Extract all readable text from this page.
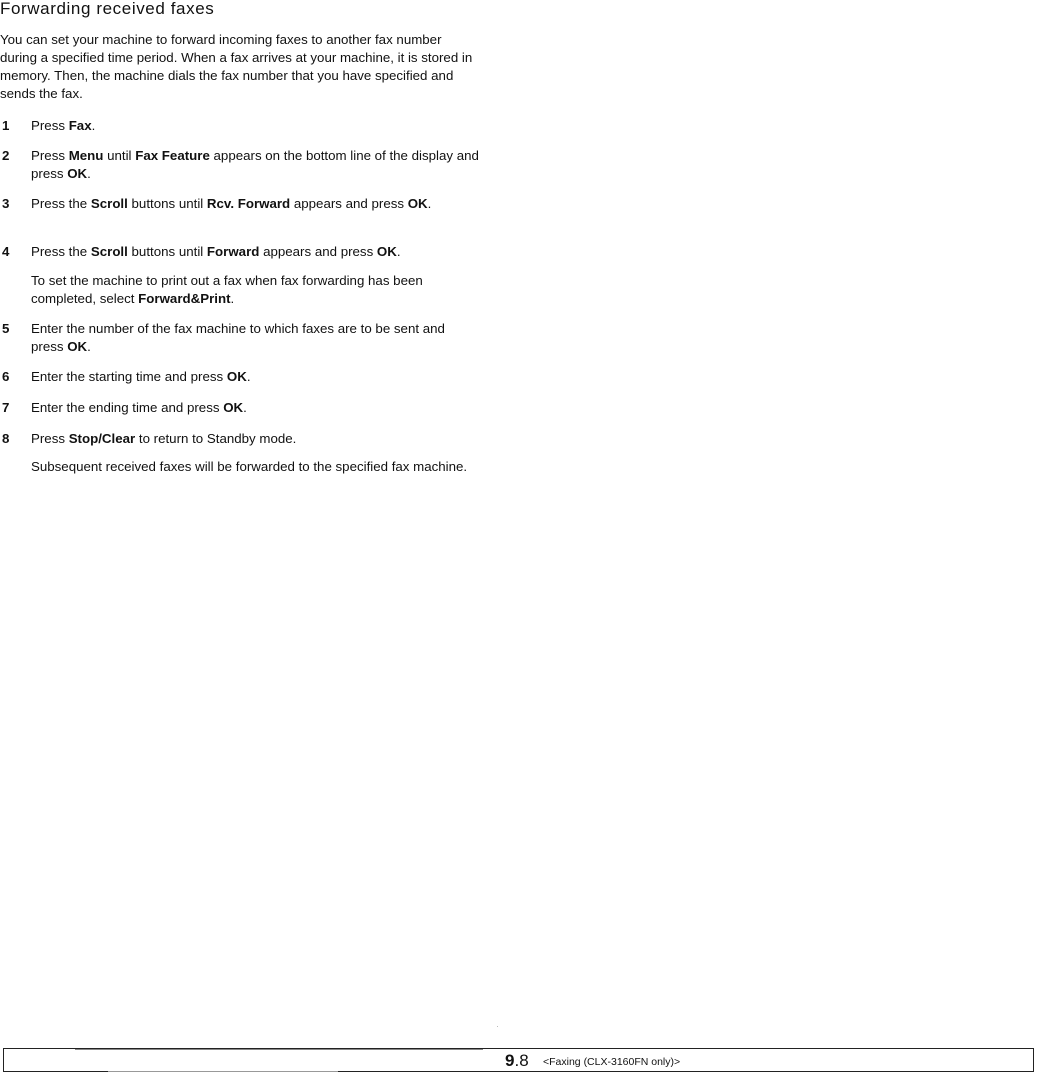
Forwarding received faxes

You can set your machine to forward incoming faxes to another fax number during a specified time period. When a fax arrives at your machine, it is stored in memory. Then, the machine dials the fax number that you have specified and sends the fax.

1	Press Fax.
2	Press Menu until Fax Feature appears on the bottom line of the display and press OK.
3	Press the Scroll buttons until Rcv. Forward appears and press OK.
4	Press the Scroll buttons until Forward appears and press OK.
To set the machine to print out a fax when fax forwarding has been completed, select Forward&Print.
5	Enter the number of the fax machine to which faxes are to be sent and press OK.
6	Enter the starting time and press OK.
7	Enter the ending time and press OK.
8	Press Stop/Clear to return to Standby mode.
Subsequent received faxes will be forwarded to the specified fax machine.
9.8 <Faxing (CLX-3160FN only)>
